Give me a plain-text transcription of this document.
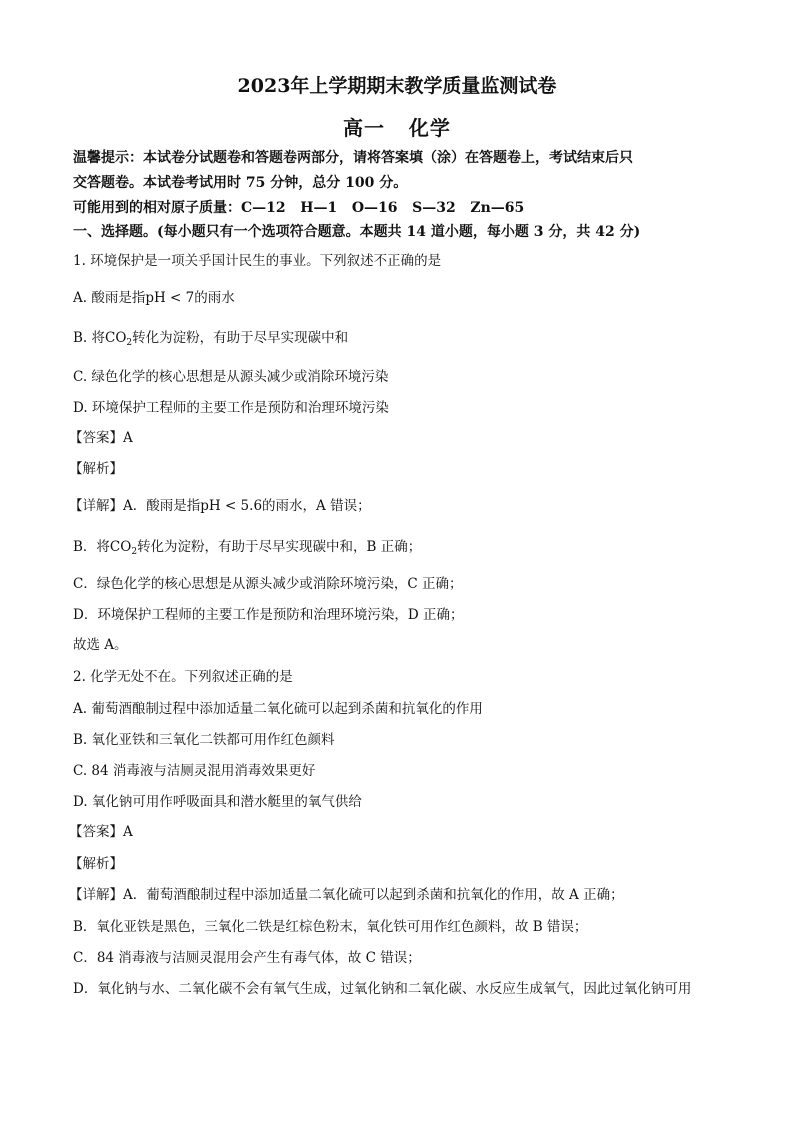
2023年上学期期末教学质量监测试卷
高一   化学
温馨提示：本试卷分试题卷和答题卷两部分，请将答案填（涂）在答题卷上，考试结束后只
交答题卷。本试卷考试用时 75 分钟，总分 100 分。
可能用到的相对原子质量：C—12   H—1   O—16   S—32   Zn—65
一、选择题。(每小题只有一个选项符合题意。本题共 14 道小题，每小题 3 分，共 42 分)
1. 环境保护是一项关乎国计民生的事业。下列叙述不正确的是
A. 酸雨是指pH < 7的雨水
B. 将$CO_2$转化为淀粉，有助于尽早实现碳中和
C. 绿色化学的核心思想是从源头减少或消除环境污染
D. 环境保护工程师的主要工作是预防和治理环境污染
【答案】A
【解析】
【详解】A．酸雨是指pH < 5.6的雨水，A 错误；
B．将$CO_2$转化为淀粉，有助于尽早实现碳中和，B 正确；
C．绿色化学的核心思想是从源头减少或消除环境污染，C 正确；
D．环境保护工程师的主要工作是预防和治理环境污染，D 正确；
故选 A。
2. 化学无处不在。下列叙述正确的是
A. 葡萄酒酿制过程中添加适量二氧化硫可以起到杀菌和抗氧化的作用
B. 氧化亚铁和三氧化二铁都可用作红色颜料
C. 84 消毒液与洁厕灵混用消毒效果更好
D. 氧化钠可用作呼吸面具和潜水艇里的氧气供给
【答案】A
【解析】
【详解】A．葡萄酒酿制过程中添加适量二氧化硫可以起到杀菌和抗氧化的作用，故 A 正确；
B．氧化亚铁是黑色，三氧化二铁是红棕色粉末，氧化铁可用作红色颜料，故 B 错误；
C．84 消毒液与洁厕灵混用会产生有毒气体，故 C 错误；
D．氧化钠与水、二氧化碳不会有氧气生成，过氧化钠和二氧化碳、水反应生成氧气，因此过氧化钠可用
